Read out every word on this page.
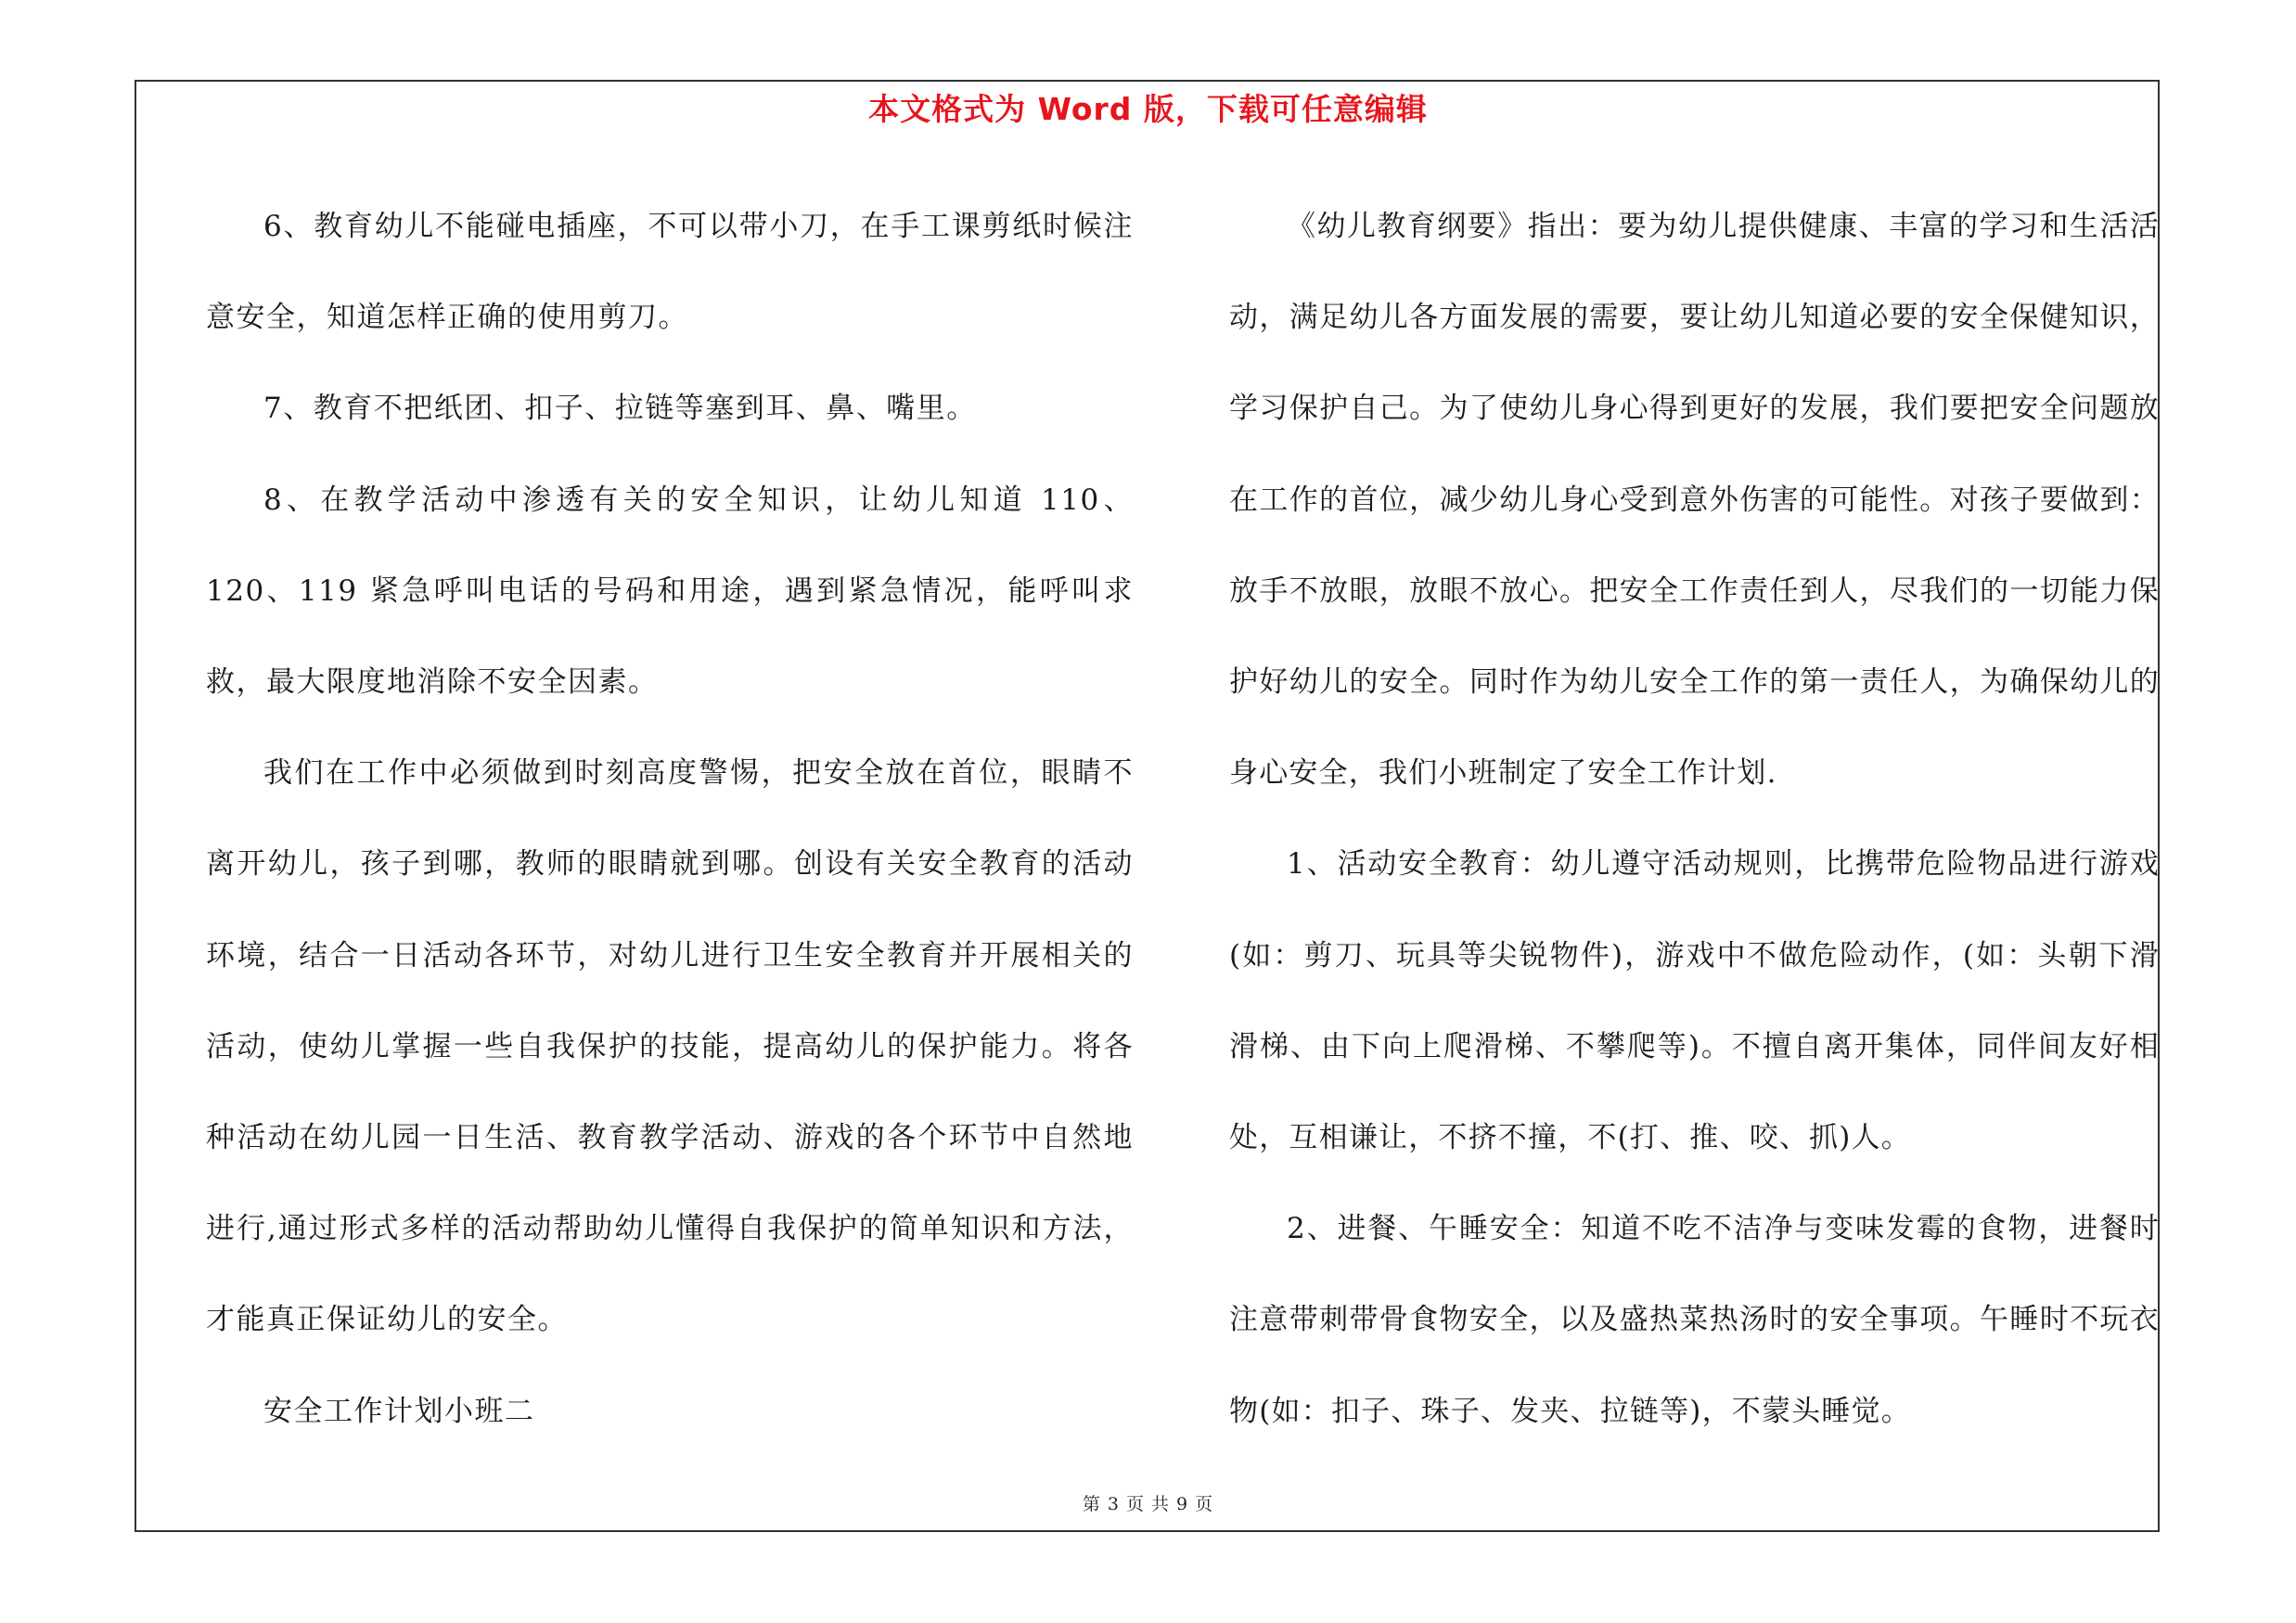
本文格式为 Word 版，下载可任意编辑

6、教育幼儿不能碰电插座，不可以带小刀，在手工课剪纸时候注意安全，知道怎样正确的使用剪刀。

7、教育不把纸团、扣子、拉链等塞到耳、鼻、嘴里。

8、在教学活动中渗透有关的安全知识，让幼儿知道 110、120、119 紧急呼叫电话的号码和用途，遇到紧急情况，能呼叫求救，最大限度地消除不安全因素。

我们在工作中必须做到时刻高度警惕，把安全放在首位，眼睛不离开幼儿，孩子到哪，教师的眼睛就到哪。创设有关安全教育的活动环境，结合一日活动各环节，对幼儿进行卫生安全教育并开展相关的活动，使幼儿掌握一些自我保护的技能，提高幼儿的保护能力。将各种活动在幼儿园一日生活、教育教学活动、游戏的各个环节中自然地进行,通过形式多样的活动帮助幼儿懂得自我保护的简单知识和方法，才能真正保证幼儿的安全。

安全工作计划小班二

《幼儿教育纲要》指出：要为幼儿提供健康、丰富的学习和生活活动，满足幼儿各方面发展的需要，要让幼儿知道必要的安全保健知识，学习保护自己。为了使幼儿身心得到更好的发展，我们要把安全问题放在工作的首位，减少幼儿身心受到意外伤害的可能性。对孩子要做到：放手不放眼，放眼不放心。把安全工作责任到人，尽我们的一切能力保护好幼儿的安全。同时作为幼儿安全工作的第一责任人，为确保幼儿的身心安全，我们小班制定了安全工作计划.

1、活动安全教育：幼儿遵守活动规则，比携带危险物品进行游戏(如：剪刀、玩具等尖锐物件)，游戏中不做危险动作，(如：头朝下滑滑梯、由下向上爬滑梯、不攀爬等)。不擅自离开集体，同伴间友好相处，互相谦让，不挤不撞，不(打、推、咬、抓)人。

2、进餐、午睡安全：知道不吃不洁净与变味发霉的食物，进餐时注意带刺带骨食物安全，以及盛热菜热汤时的安全事项。午睡时不玩衣物(如：扣子、珠子、发夹、拉链等)，不蒙头睡觉。

第 3 页 共 9 页
